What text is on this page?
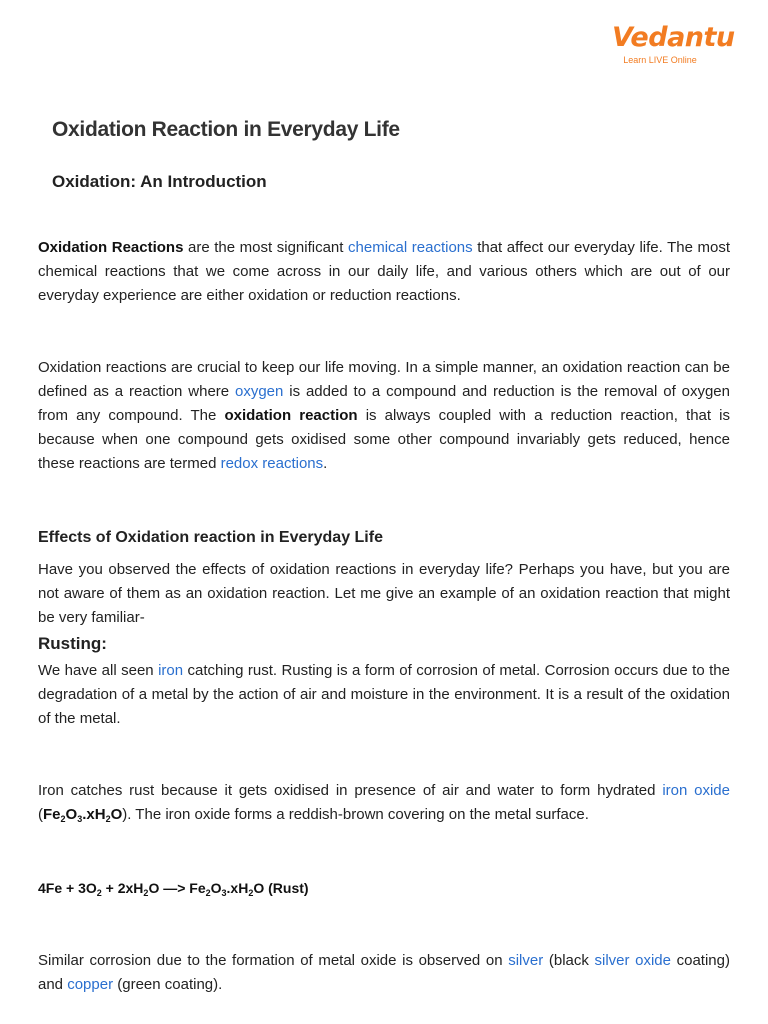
Vedantu
Learn LIVE Online
Oxidation Reaction in Everyday Life
Oxidation: An Introduction
Oxidation Reactions are the most significant chemical reactions that affect our everyday life. The most chemical reactions that we come across in our daily life, and various others which are out of our everyday experience are either oxidation or reduction reactions.
Oxidation reactions are crucial to keep our life moving. In a simple manner, an oxidation reaction can be defined as a reaction where oxygen is added to a compound and reduction is the removal of oxygen from any compound. The oxidation reaction is always coupled with a reduction reaction, that is because when one compound gets oxidised some other compound invariably gets reduced, hence these reactions are termed redox reactions.
Effects of Oxidation reaction in Everyday Life
Have you observed the effects of oxidation reactions in everyday life? Perhaps you have, but you are not aware of them as an oxidation reaction. Let me give an example of an oxidation reaction that might be very familiar-
Rusting:
We have all seen iron catching rust. Rusting is a form of corrosion of metal. Corrosion occurs due to the degradation of a metal by the action of air and moisture in the environment. It is a result of the oxidation of the metal.
Iron catches rust because it gets oxidised in presence of air and water to form hydrated iron oxide $(Fe_2O_3.xH_2O)$. The iron oxide forms a reddish-brown covering on the metal surface.
$4Fe + 3O_2 + 2xH_2O$ —> $Fe_2O_3.xH_2O$ (Rust)
Similar corrosion due to the formation of metal oxide is observed on silver (black silver oxide coating) and copper (green coating).
